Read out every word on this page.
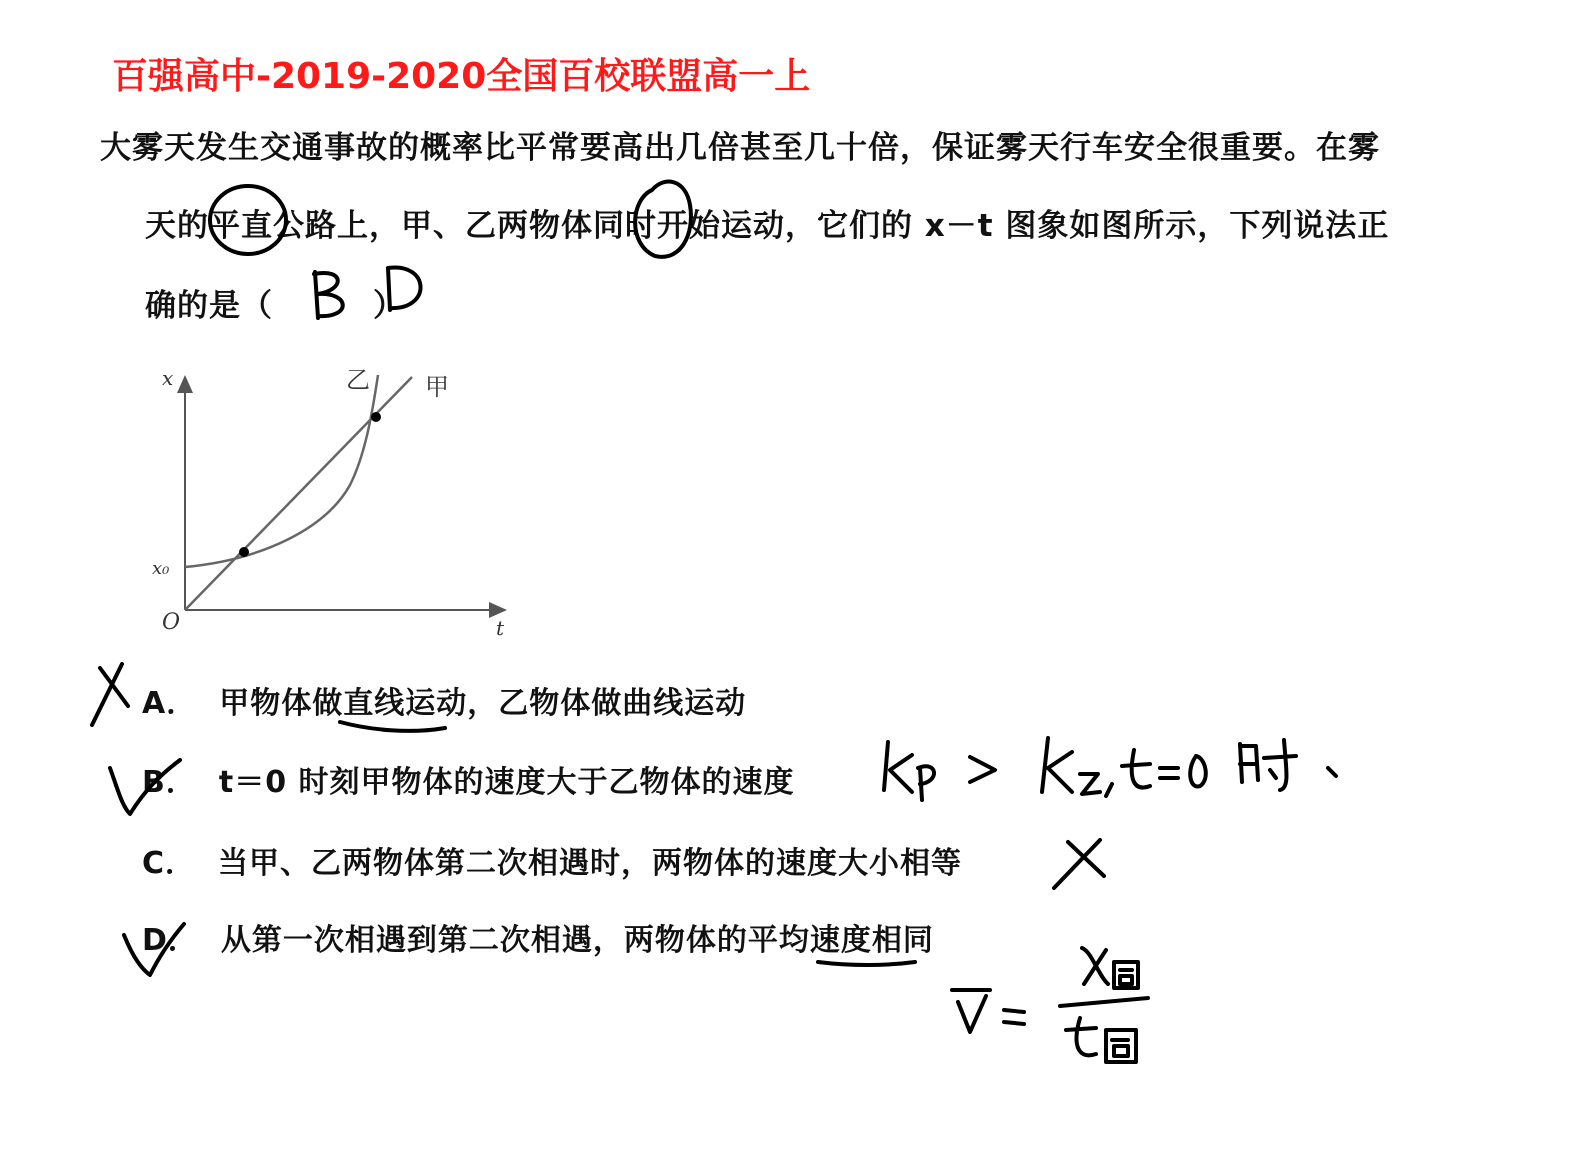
百强高中-2019-2020全国百校联盟高一上
大雾天发生交通事故的概率比平常要高出几倍甚至几十倍，保证雾天行车安全很重要。在雾
天的平直公路上，甲、乙两物体同时开始运动，它们的 x－t 图象如图所示，下列说法正
确的是（	）
x
t
O
x₀
乙 甲
A． 甲物体做直线运动，乙物体做曲线运动
B． t＝0 时刻甲物体的速度大于乙物体的速度
C． 当甲、乙两物体第二次相遇时，两物体的速度大小相等
D． 从第一次相遇到第二次相遇，两物体的平均速度相同
